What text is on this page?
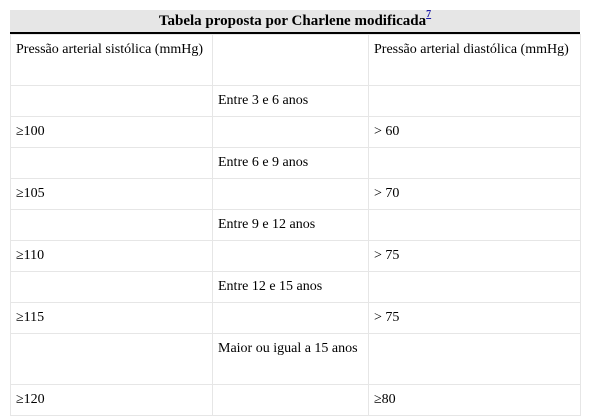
Tabela proposta por Charlene modificada$^7$
Pressão arterial sistólica (mmHg)		Pressão arterial diastólica (mmHg)
	Entre 3 e 6 anos	
≥100		> 60
	Entre 6 e 9 anos	
≥105		> 70
	Entre 9 e 12 anos	
≥110		> 75
	Entre 12 e 15 anos	
≥115		> 75
	Maior ou igual a 15 anos	
≥120		≥80
